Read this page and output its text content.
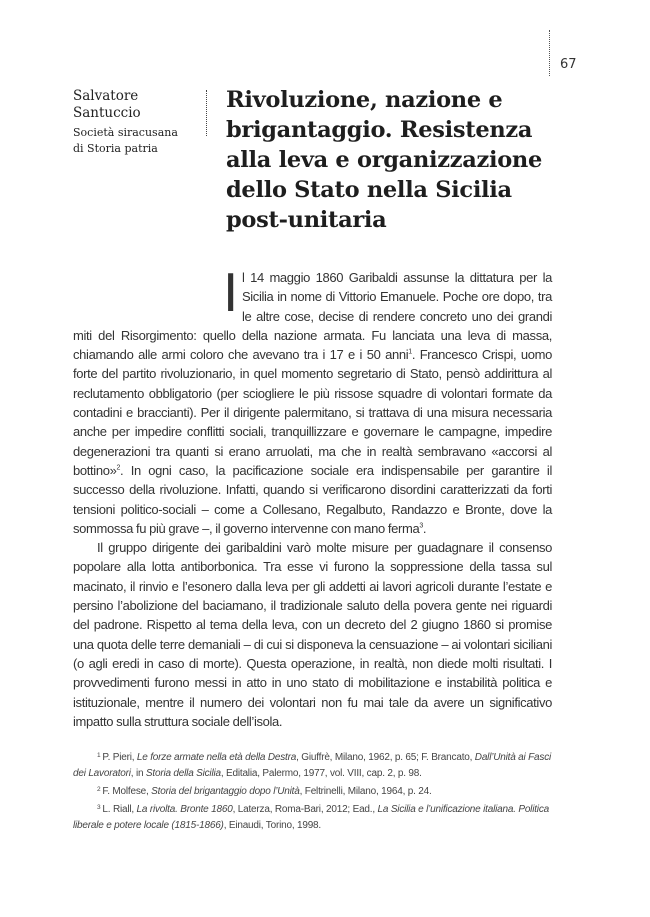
67
Salvatore
Santuccio
Società siracusana
di Storia patria
Rivoluzione, nazione e brigantaggio. Resistenza alla leva e organizzazione dello Stato nella Sicilia post-unitaria

Il 14 maggio 1860 Garibaldi assunse la dittatura per la Sicilia in nome di Vittorio Emanuele. Poche ore dopo, tra le altre cose, decise di rendere concreto uno dei grandi miti del Risorgimento: quello della nazione armata. Fu lanciata una leva di massa, chiamando alle armi coloro che avevano tra i 17 e i 50 anni$^1$. Francesco Crispi, uomo forte del partito rivoluzionario, in quel momento segretario di Stato, pensò addirittura al reclutamento obbligatorio (per sciogliere le più rissose squadre di volontari formate da contadini e braccianti). Per il dirigente palermitano, si trattava di una misura necessaria anche per impedire conflitti sociali, tranquillizzare e governare le campagne, impedire degenerazioni tra quanti si erano arruolati, ma che in realtà sembravano «accorsi al bottino»$^2$. In ogni caso, la pacificazione sociale era indispensabile per garantire il successo della rivoluzione. Infatti, quando si verificarono disordini caratterizzati da forti tensioni politico-sociali – come a Collesano, Regalbuto, Randazzo e Bronte, dove la sommossa fu più grave –, il governo intervenne con mano ferma$^3$.

Il gruppo dirigente dei garibaldini varò molte misure per guadagnare il consenso popolare alla lotta antiborbonica. Tra esse vi furono la soppressione della tassa sul macinato, il rinvio e l’esonero dalla leva per gli addetti ai lavori agricoli durante l’estate e persino l’abolizione del baciamano, il tradizionale saluto della povera gente nei riguardi del padrone. Rispetto al tema della leva, con un decreto del 2 giugno 1860 si promise una quota delle terre demaniali – di cui si disponeva la censuazione – ai volontari siciliani (o agli eredi in caso di morte). Questa operazione, in realtà, non diede molti risultati. I provvedimenti furono messi in atto in uno stato di mobilitazione e instabilità politica e istituzionale, mentre il numero dei volontari non fu mai tale da avere un significativo impatto sulla struttura sociale dell’isola.

$^1$ P. Pieri, Le forze armate nella età della Destra, Giuffrè, Milano, 1962, p. 65; F. Brancato, Dall’Unità ai Fasci dei Lavoratori, in Storia della Sicilia, Editalia, Palermo, 1977, vol. VIII, cap. 2, p. 98.

$^2$ F. Molfese, Storia del brigantaggio dopo l’Unità, Feltrinelli, Milano, 1964, p. 24.

$^3$ L. Riall, La rivolta. Bronte 1860, Laterza, Roma-Bari, 2012; Ead., La Sicilia e l’unificazione italiana. Politica liberale e potere locale (1815-1866), Einaudi, Torino, 1998.
